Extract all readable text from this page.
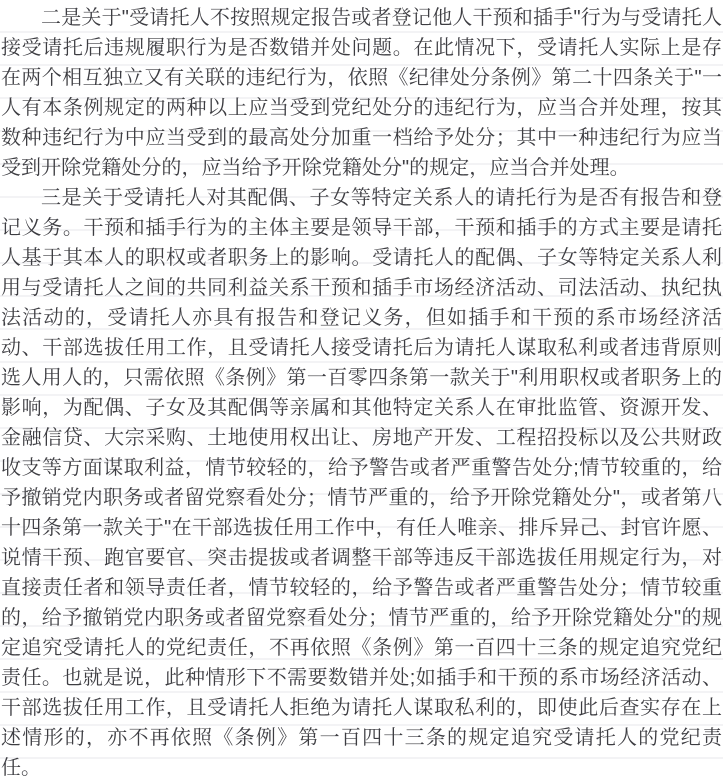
二是关于"受请托人不按照规定报告或者登记他人干预和插手"行为与受请托人接受请托后违规履职行为是否数错并处问题。在此情况下，受请托人实际上是存在两个相互独立又有关联的违纪行为，依照《纪律处分条例》第二十四条关于"一人有本条例规定的两种以上应当受到党纪处分的违纪行为，应当合并处理，按其数种违纪行为中应当受到的最高处分加重一档给予处分；其中一种违纪行为应当受到开除党籍处分的，应当给予开除党籍处分"的规定，应当合并处理。

三是关于受请托人对其配偶、子女等特定关系人的请托行为是否有报告和登记义务。干预和插手行为的主体主要是领导干部，干预和插手的方式主要是请托人基于其本人的职权或者职务上的影响。受请托人的配偶、子女等特定关系人利用与受请托人之间的共同利益关系干预和插手市场经济活动、司法活动、执纪执法活动的，受请托人亦具有报告和登记义务，但如插手和干预的系市场经济活动、干部选拔任用工作，且受请托人接受请托后为请托人谋取私利或者违背原则选人用人的，只需依照《条例》第一百零四条第一款关于"利用职权或者职务上的影响，为配偶、子女及其配偶等亲属和其他特定关系人在审批监管、资源开发、金融信贷、大宗采购、土地使用权出让、房地产开发、工程招投标以及公共财政收支等方面谋取利益，情节较轻的，给予警告或者严重警告处分;情节较重的，给予撤销党内职务或者留党察看处分；情节严重的，给予开除党籍处分"，或者第八十四条第一款关于"在干部选拔任用工作中，有任人唯亲、排斥异己、封官许愿、说情干预、跑官要官、突击提拔或者调整干部等违反干部选拔任用规定行为，对直接责任者和领导责任者，情节较轻的，给予警告或者严重警告处分；情节较重的，给予撤销党内职务或者留党察看处分；情节严重的，给予开除党籍处分"的规定追究受请托人的党纪责任，不再依照《条例》第一百四十三条的规定追究党纪责任。也就是说，此种情形下不需要数错并处;如插手和干预的系市场经济活动、干部选拔任用工作，且受请托人拒绝为请托人谋取私利的，即使此后查实存在上述情形的，亦不再依照《条例》第一百四十三条的规定追究受请托人的党纪责任。
